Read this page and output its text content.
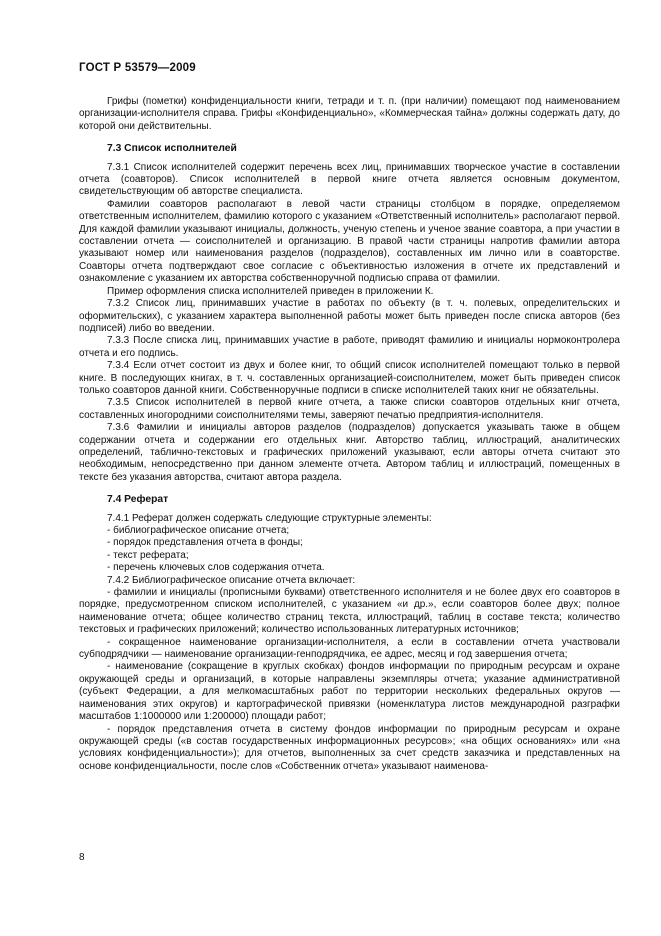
ГОСТ Р 53579—2009

Грифы (пометки) конфиденциальности книги, тетради и т. п. (при наличии) помещают под наименованием организации-исполнителя справа. Грифы «Конфиденциально», «Коммерческая тайна» должны содержать дату, до которой они действительны.

7.3 Список исполнителей

7.3.1 Список исполнителей содержит перечень всех лиц, принимавших творческое участие в составлении отчета (соавторов). Список исполнителей в первой книге отчета является основным документом, свидетельствующим об авторстве специалиста.

Фамилии соавторов располагают в левой части страницы столбцом в порядке, определяемом ответственным исполнителем, фамилию которого с указанием «Ответственный исполнитель» располагают первой. Для каждой фамилии указывают инициалы, должность, ученую степень и ученое звание соавтора, а при участии в составлении отчета — соисполнителей и организацию. В правой части страницы напротив фамилии автора указывают номер или наименования разделов (подразделов), составленных им лично или в соавторстве. Соавторы отчета подтверждают свое согласие с объективностью изложения в отчете их представлений и ознакомление с указанием их авторства собственноручной подписью справа от фамилии.

Пример оформления списка исполнителей приведен в приложении К.

7.3.2 Список лиц, принимавших участие в работах по объекту (в т. ч. полевых, определительских и оформительских), с указанием характера выполненной работы может быть приведен после списка авторов (без подписей) либо во введении.

7.3.3 После списка лиц, принимавших участие в работе, приводят фамилию и инициалы нормоконтролера отчета и его подпись.

7.3.4 Если отчет состоит из двух и более книг, то общий список исполнителей помещают только в первой книге. В последующих книгах, в т. ч. составленных организацией-соисполнителем, может быть приведен список только соавторов данной книги. Собственноручные подписи в списке исполнителей таких книг не обязательны.

7.3.5 Список исполнителей в первой книге отчета, а также списки соавторов отдельных книг отчета, составленных иногородними соисполнителями темы, заверяют печатью предприятия-исполнителя.

7.3.6 Фамилии и инициалы авторов разделов (подразделов) допускается указывать также в общем содержании отчета и содержании его отдельных книг. Авторство таблиц, иллюстраций, аналитических определений, таблично-текстовых и графических приложений указывают, если авторы отчета считают это необходимым, непосредственно при данном элементе отчета. Автором таблиц и иллюстраций, помещенных в тексте без указания авторства, считают автора раздела.

7.4 Реферат

7.4.1 Реферат должен содержать следующие структурные элементы:

- библиографическое описание отчета;

- порядок представления отчета в фонды;

- текст реферата;

- перечень ключевых слов содержания отчета.

7.4.2 Библиографическое описание отчета включает:

- фамилии и инициалы (прописными буквами) ответственного исполнителя и не более двух его соавторов в порядке, предусмотренном списком исполнителей, с указанием «и др.», если соавторов более двух; полное наименование отчета; общее количество страниц текста, иллюстраций, таблиц в составе текста; количество текстовых и графических приложений; количество использованных литературных источников;

- сокращенное наименование организации-исполнителя, а если в составлении отчета участвовали субподрядчики — наименование организации-генподрядчика, ее адрес, месяц и год завершения отчета;

- наименование (сокращение в круглых скобках) фондов информации по природным ресурсам и охране окружающей среды и организаций, в которые направлены экземпляры отчета; указание административной (субъект Федерации, а для мелкомасштабных работ по территории нескольких федеральных округов — наименования этих округов) и картографической привязки (номенклатура листов международной разграфки масштабов 1:1000000 или 1:200000) площади работ;

- порядок представления отчета в систему фондов информации по природным ресурсам и охране окружающей среды («в состав государственных информационных ресурсов»; «на общих основаниях» или «на условиях конфиденциальности»); для отчетов, выполненных за счет средств заказчика и представленных на основе конфиденциальности, после слов «Собственник отчета» указывают наименова-

8
